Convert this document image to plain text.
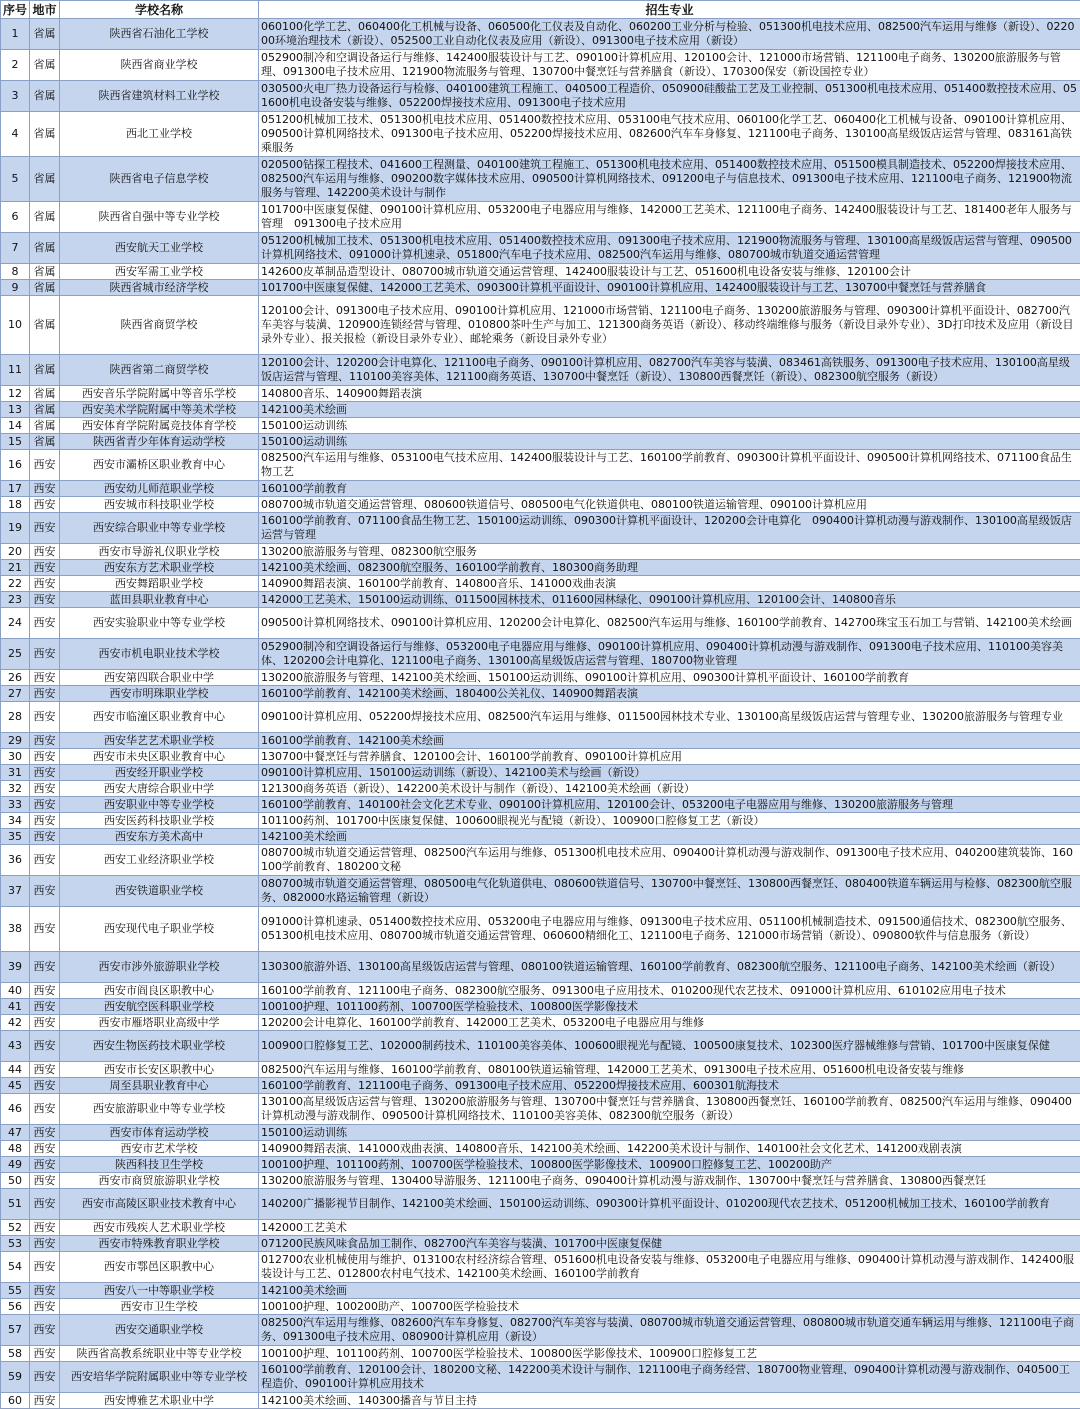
序号	地市	学校名称	招生专业
1	省属	陕西省石油化工学校	060100化学工艺、060400化工机械与设备、060500化工仪表及自动化、060200工业分析与检验、051300机电技术应用、082500汽车运用与维修（新设）、022000环境治理技术（新设）、052500工业自动化仪表及应用（新设）、091300电子技术应用（新设）
2	省属	陕西省商业学校	052900制冷和空调设备运行与维修、142400服装设计与工艺、090100计算机应用、120100会计、121000市场营销、121100电子商务、130200旅游服务与管理、091300电子技术应用、121900物流服务与管理、130700中餐烹饪与营养膳食（新设）、170300保安（新设国控专业）
3	省属	陕西省建筑材料工业学校	030500火电厂热力设备运行与检修、040100建筑工程施工、040500工程造价、050900硅酸盐工艺及工业控制、051300机电技术应用、051400数控技术应用、051600机电设备安装与维修、052200焊接技术应用、091300电子技术应用
4	省属	西北工业学校	051200机械加工技术、051300机电技术应用、051400数控技术应用、053100电气技术应用、060100化学工艺、060400化工机械与设备、090100计算机应用、090500计算机网络技术、091300电子技术应用、052200焊接技术应用、082600汽车车身修复、121100电子商务、130100高星级饭店运营与管理、083161高铁乘服务
5	省属	陕西省电子信息学校	020500钻探工程技术、041600工程测量、040100建筑工程施工、051300机电技术应用、051400数控技术应用、051500模具制造技术、052200焊接技术应用、082500汽车运用与维修、090200数字媒体技术应用、090500计算机网络技术、091200电子与信息技术、091300电子技术应用、121100电子商务、121900物流服务与管理、142200美术设计与制作
6	省属	陕西省自强中等专业学校	101700中医康复保健、090100计算机应用、053200电子电器应用与维修、142000工艺美术、121100电子商务、142400服装设计与工艺、181400老年人服务与管理　091300电子技术应用
7	省属	西安航天工业学校	051200机械加工技术、051300机电技术应用、051400数控技术应用、091300电子技术应用、121900物流服务与管理、130100高星级饭店运营与管理、090500计算机网络技术、091000计算机速录、051800汽车电子技术应用、082500汽车运用与维修、080700城市轨道交通运营管理
8	省属	西安军需工业学校	142600皮革制品造型设计、080700城市轨道交通运营管理、142400服装设计与工艺、051600机电设备安装与维修、120100会计
9	省属	陕西省城市经济学校	101700中医康复保健、142000工艺美术、090300计算机平面设计、090100计算机应用、142400服装设计与工艺、130700中餐烹饪与营养膳食
10	省属	陕西省商贸学校	120100会计、091300电子技术应用、090100计算机应用、121000市场营销、121100电子商务、130200旅游服务与管理、090300计算机平面设计、082700汽车美容与装潢、120900连锁经营与管理、010800茶叶生产与加工、121300商务英语（新设）、移动终端维修与服务（新设目录外专业）、3D打印技术及应用（新设目录外专业）、报关报检（新设目录外专业）、邮轮乘务（新设目录外专业）
11	省属	陕西省第二商贸学校	120100会计、120200会计电算化、121100电子商务、090100计算机应用、082700汽车美容与装潢、083461高铁服务、091300电子技术应用、130100高星级饭店运营与管理、110100美容美体、121100商务英语、130700中餐烹饪（新设）、130800西餐烹饪（新设）、082300航空服务（新设）
12	省属	西安音乐学院附属中等音乐学校	140800音乐、140900舞蹈表演
13	省属	西安美术学院附属中等美术学校	142100美术绘画
14	省属	西安体育学院附属竞技体育学校	150100运动训练
15	省属	陕西省青少年体育运动学校	150100运动训练
16	西安	西安市灞桥区职业教育中心	082500汽车运用与维修、053100电气技术应用、142400服装设计与工艺、160100学前教育、090300计算机平面设计、090500计算机网络技术、071100食品生物工艺
17	西安	西安幼儿师范职业学校	160100学前教育
18	西安	西安城市科技职业学校	080700城市轨道交通运营管理、080600铁道信号、080500电气化铁道供电、080100铁道运输管理、090100计算机应用
19	西安	西安综合职业中等专业学校	160100学前教育、071100食品生物工艺、150100运动训练、090300计算机平面设计、120200会计电算化　090400计算机动漫与游戏制作、130100高星级饭店运营与管理
20	西安	西安市导游礼仪职业学校	130200旅游服务与管理、082300航空服务
21	西安	西安东方艺术职业学校	142100美术绘画、082300航空服务、160100学前教育、180300商务助理
22	西安	西安舞蹈职业学校	140900舞蹈表演、160100学前教育、140800音乐、141000戏曲表演
23	西安	蓝田县职业教育中心	142000工艺美术、150100运动训练、011500园林技术、011600园林绿化、090100计算机应用、120100会计、140800音乐
24	西安	西安实验职业中等专业学校	090500计算机网络技术、090100计算机应用、120200会计电算化、082500汽车运用与维修、160100学前教育、142700珠宝玉石加工与营销、142100美术绘画
25	西安	西安市机电职业技术学校	052900制冷和空调设备运行与维修、053200电子电器应用与维修、090100计算机应用、090400计算机动漫与游戏制作、091300电子技术应用、110100美容美体、120200会计电算化、121100电子商务、130100高星级饭店运营与管理、180700物业管理
26	西安	西安第四联合职业中学	130200旅游服务与管理、142100美术绘画、150100运动训练、090100计算机应用、090300计算机平面设计、160100学前教育
27	西安	西安市明珠职业学校	160100学前教育、142100美术绘画、180400公关礼仪、140900舞蹈表演
28	西安	西安市临潼区职业教育中心	090100计算机应用、052200焊接技术应用、082500汽车运用与维修、011500园林技术专业、130100高星级饭店运营与管理专业、130200旅游服务与管理专业
29	西安	西安华艺艺术职业学校	160100学前教育、142100美术绘画
30	西安	西安市未央区职业教育中心	130700中餐烹饪与营养膳食、120100会计、160100学前教育、090100计算机应用
31	西安	西安经开职业学校	090100计算机应用、150100运动训练（新设）、142100美术与绘画（新设）
32	西安	西安大唐综合职业中学	121300商务英语（新设）、142200美术设计与制作（新设）、142100美术绘画（新设）
33	西安	西安职业中等专业学校	160100学前教育、140100社会文化艺术专业、090100计算机应用、120100会计、053200电子电器应用与维修、130200旅游服务与管理
34	西安	西安医药科技职业学校	101100药剂、101700中医康复保健、100600眼视光与配镜（新设）、100900口腔修复工艺（新设）
35	西安	西安东方美术高中	142100美术绘画
36	西安	西安工业经济职业学校	080700城市轨道交通运营管理、082500汽车运用与维修、051300机电技术应用、090400计算机动漫与游戏制作、091300电子技术应用、040200建筑装饰、160100学前教育、180200文秘
37	西安	西安铁道职业学校	080700城市轨道交通运营管理、080500电气化轨道供电、080600铁道信号、130700中餐烹饪、130800西餐烹饪、080400铁道车辆运用与检修、082300航空服务、082000水路运输管理（新设）
38	西安	西安现代电子职业学校	091000计算机速录、051400数控技术应用、053200电子电器应用与维修、091300电子技术应用、051100机械制造技术、091500通信技术、082300航空服务、051300机电技术应用、080700城市轨道交通运营管理、060600精细化工、121100电子商务、121000市场营销（新设）、090800软件与信息服务（新设）
39	西安	西安市涉外旅游职业学校	130300旅游外语、130100高星级饭店运营与管理、080100铁道运输管理、160100学前教育、082300航空服务、121100电子商务、142100美术绘画（新设）
40	西安	西安市阎良区职教中心	160100学前教育、121100电子商务、082300航空服务、091300电子应用技术、010200现代农艺技术、091000计算机应用、610102应用电子技术
41	西安	西安航空医科职业学校	100100护理、101100药剂、100700医学检验技术、100800医学影像技术
42	西安	西安市雁塔职业高级中学	120200会计电算化、160100学前教育、142000工艺美术、053200电子电器应用与维修
43	西安	西安生物医药技术职业学校	100900口腔修复工艺、102000制药技术、110100美容美体、100600眼视光与配镜、100500康复技术、102300医疗器械维修与营销、101700中医康复保健
44	西安	西安市长安区职教中心	082500汽车运用与维修、160100学前教育、080100铁道运输管理、142000工艺美术、091300电子技术应用、051600机电设备安装与维修
45	西安	周至县职业教育中心	160100学前教育、121100电子商务、091300电子技术应用、052200焊接技术应用、600301航海技术
46	西安	西安旅游职业中等专业学校	130100高星级饭店运营与管理、130200旅游服务与管理、130700中餐烹饪与营养膳食、130800西餐烹饪、160100学前教育、082500汽车运用与维修、090400计算机动漫与游戏制作、090500计算机网络技术、110100美容美体、082300航空服务（新设）
47	西安	西安市体育运动学校	150100运动训练
48	西安	西安市艺术学校	140900舞蹈表演、141000戏曲表演、140800音乐、142100美术绘画、142200美术设计与制作、140100社会文化艺术、141200戏剧表演
49	西安	陕西科技卫生学校	100100护理、101100药剂、100700医学检验技术、100800医学影像技术、100900口腔修复工艺、100200助产
50	西安	西安市商贸旅游职业学校	130200旅游服务与管理、130400导游服务、121100电子商务、090400计算机动漫与游戏制作、130700中餐烹饪与营养膳食、130800西餐烹饪
51	西安	西安市高陵区职业技术教育中心	140200广播影视节目制作、142100美术绘画、150100运动训练、090300计算机平面设计、010200现代农艺技术、051200机械加工技术、160100学前教育
52	西安	西安市残疾人艺术职业学校	142000工艺美术
53	西安	西安市特殊教育职业学校	071200民族风味食品加工制作、082700汽车美容与装潢、101700中医康复保健
54	西安	西安市鄠邑区职教中心	012700农业机械使用与维护、013100农村经济综合管理、051600机电设备安装与维修、053200电子电器应用与维修、090400计算机动漫与游戏制作、142400服装设计与工艺、012800农村电气技术、142100美术绘画、160100学前教育
55	西安	西安八一中等职业学校	142100美术绘画
56	西安	西安市卫生学校	100100护理、100200助产、100700医学检验技术
57	西安	西安交通职业学校	082500汽车运用与维修、082600汽车车身修复、082700汽车美容与装潢、080700城市轨道交通运营管理、080800城市轨道交通车辆运用与维修、121100电子商务、091300电子技术应用、080900计算机应用（新设）
58	西安	陕西省高教系统职业中等专业学校	100100护理、101100药剂、100700医学检验技术、100800医学影像技术、100900口腔修复工艺
59	西安	西安培华学院附属职业中等专业学校	160100学前教育、120100会计、180200文秘、142200美术设计与制作、121100电子商务经营、180700物业管理、090400计算机动漫与游戏制作、040500工程造价、090100计算机应用技术
60	西安	西安博雅艺术职业中学	142100美术绘画、140300播音与节目主持
